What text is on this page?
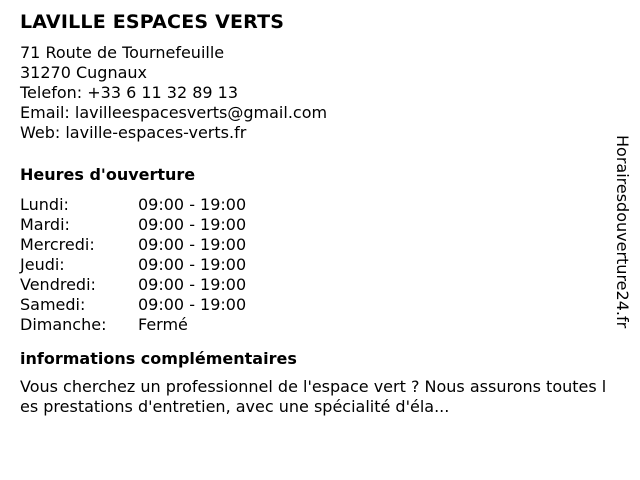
LAVILLE ESPACES VERTS
71 Route de Tournefeuille
31270 Cugnaux
Telefon: +33 6 11 32 89 13
Email: lavilleespacesverts@gmail.com
Web: laville-espaces-verts.fr
Heures d'ouverture
Lundi:	09:00 - 19:00
Mardi:	09:00 - 19:00
Mercredi:	09:00 - 19:00
Jeudi:	09:00 - 19:00
Vendredi:	09:00 - 19:00
Samedi:	09:00 - 19:00
Dimanche:	Fermé
informations complémentaires
Vous cherchez un professionnel de l'espace vert ? Nous assurons toutes les prestations d'entretien, avec une spécialité d'éla...
Horairesdouverture24.fr
